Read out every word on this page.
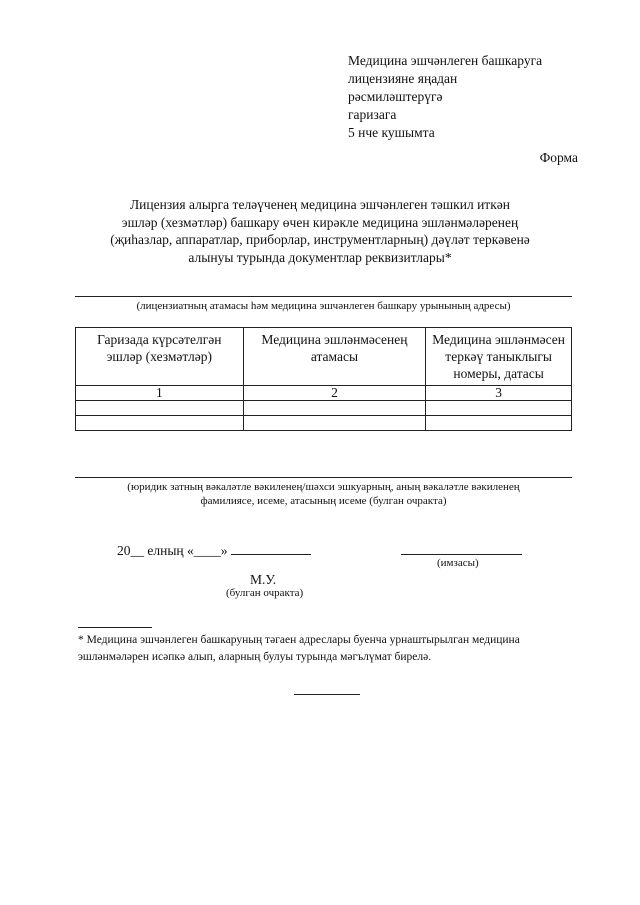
Медицина эшчәнлеген башкаруга
лицензияне яңадан
рәсмиләштерүгә
гаризага
5 нче кушымта
Форма
Лицензия алырга теләүченең медицина эшчәнлеген тәшкил иткән
эшләр (хезмәтләр) башкару өчен кирәкле медицина эшләнмәләренең
(җиһазлар, аппаратлар, приборлар, инструментларның) дәүләт теркәвенә
алынуы турында документлар реквизитлары*
(лицензиатның атамасы һәм медицина эшчәнлеген башкару урынының адресы)
Гаризада күрсәтелгән эшләр (хезмәтләр)	Медицина эшләнмәсенең атамасы	Медицина эшләнмәсен теркәү таныклыгы номеры, датасы
1	2	3

(юридик затның вәкаләтле вәкиленең/шәхси эшкуарның, аның вәкаләтле вәкиленең
фамилиясе, исеме, атасының исеме (булган очракта)
20__ елның «____»
(имзасы)
М.У.
(булган очракта)
* Медицина эшчәнлеген башкаруның тәгаен адреслары буенча урнаштырылган медицина
эшләнмәләрен исәпкә алып, аларның булуы турында мәгълүмат бирелә.
